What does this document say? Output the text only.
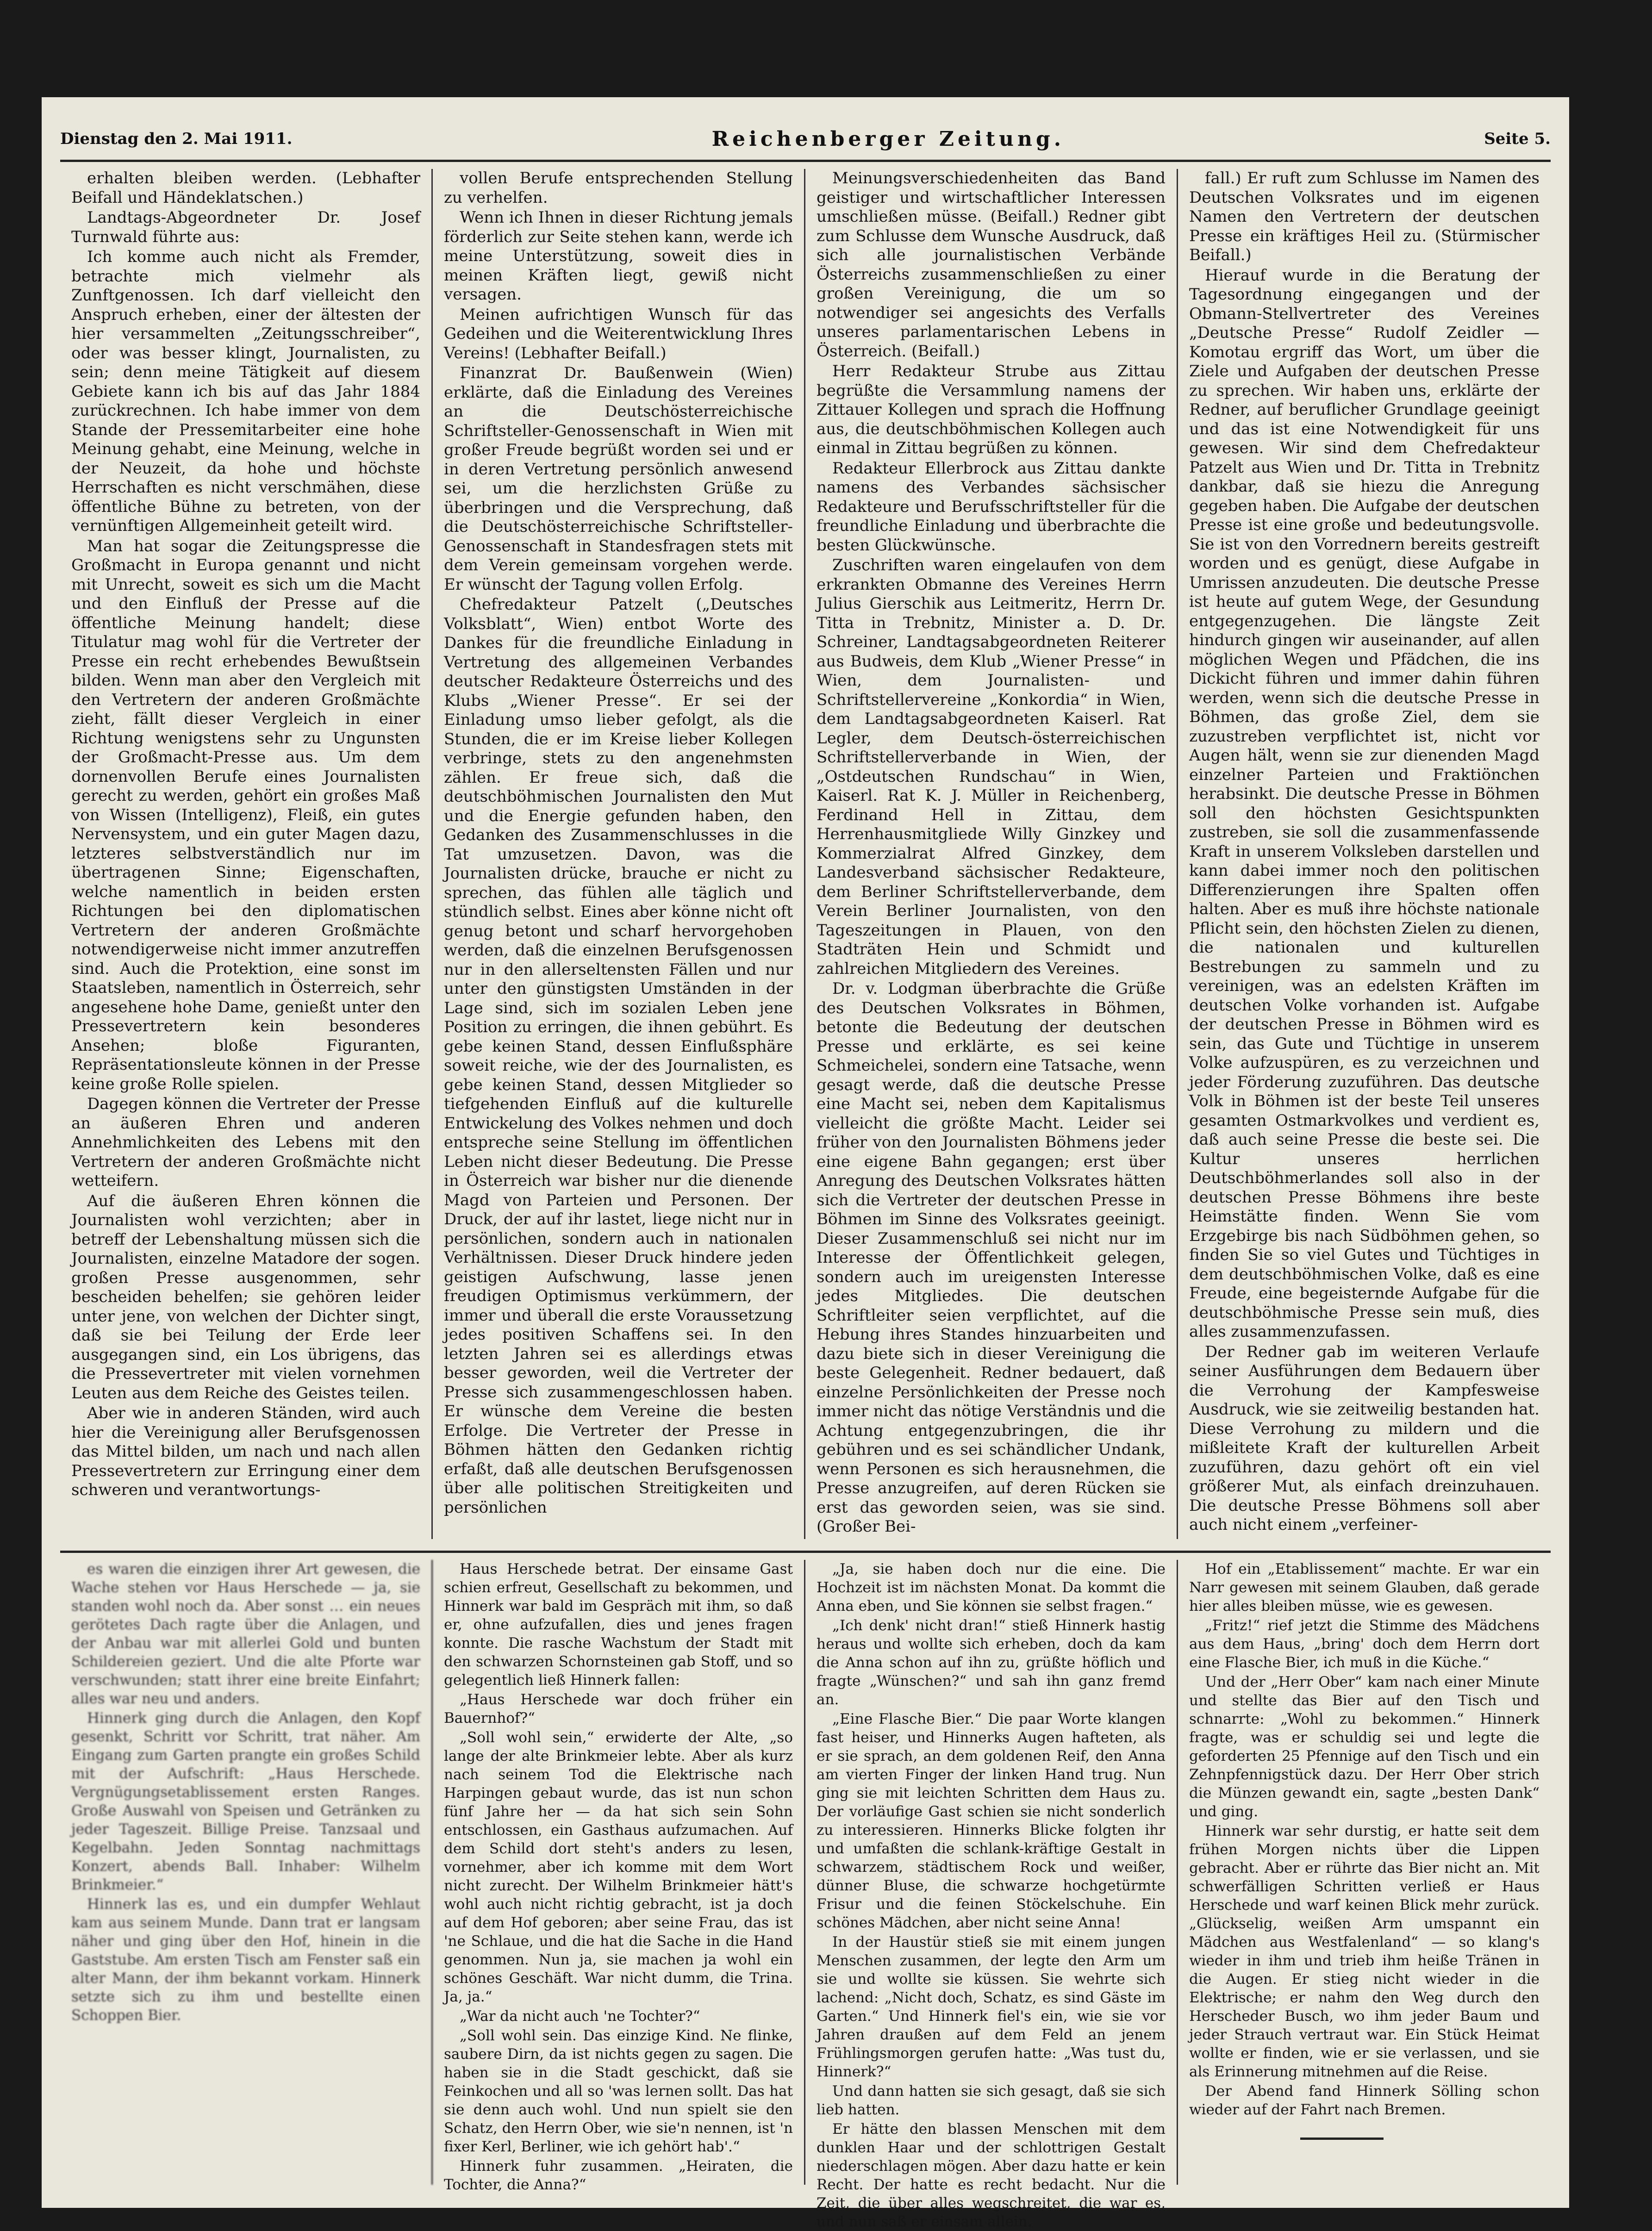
Dienstag den 2. Mai 1911.	Reichenberger Zeitung.	Seite 5.

erhalten bleiben werden. (Lebhafter Beifall und Händeklatschen.)

Landtags-Abgeordneter Dr. Josef Turnwald führte aus:

Ich komme auch nicht als Fremder, betrachte mich vielmehr als Zunftgenossen. Ich darf vielleicht den Anspruch erheben, einer der ältesten der hier versammelten „Zeitungsschreiber“, oder was besser klingt, Journalisten, zu sein; denn meine Tätigkeit auf diesem Gebiete kann ich bis auf das Jahr 1884 zurückrechnen. Ich habe immer von dem Stande der Pressemitarbeiter eine hohe Meinung gehabt, eine Meinung, welche in der Neuzeit, da hohe und höchste Herrschaften es nicht verschmähen, diese öffentliche Bühne zu betreten, von der vernünftigen Allgemeinheit geteilt wird.

Man hat sogar die Zeitungspresse die Großmacht in Europa genannt und nicht mit Unrecht, soweit es sich um die Macht und den Einfluß der Presse auf die öffentliche Meinung handelt; diese Titulatur mag wohl für die Vertreter der Presse ein recht erhebendes Bewußtsein bilden. Wenn man aber den Vergleich mit den Vertretern der anderen Großmächte zieht, fällt dieser Vergleich in einer Richtung wenigstens sehr zu Ungunsten der Großmacht-Presse aus. Um dem dornenvollen Berufe eines Journalisten gerecht zu werden, gehört ein großes Maß von Wissen (Intelligenz), Fleiß, ein gutes Nervensystem, und ein guter Magen dazu, letzteres selbstverständlich nur im übertragenen Sinne; Eigenschaften, welche namentlich in beiden ersten Richtungen bei den diplomatischen Vertretern der anderen Großmächte notwendigerweise nicht immer anzutreffen sind. Auch die Protektion, eine sonst im Staatsleben, namentlich in Österreich, sehr angesehene hohe Dame, genießt unter den Pressevertretern kein besonderes Ansehen; bloße Figuranten, Repräsentationsleute können in der Presse keine große Rolle spielen.

Dagegen können die Vertreter der Presse an äußeren Ehren und anderen Annehmlichkeiten des Lebens mit den Vertretern der anderen Großmächte nicht wetteifern.

Auf die äußeren Ehren können die Journalisten wohl verzichten; aber in betreff der Lebenshaltung müssen sich die Journalisten, einzelne Matadore der sogen. großen Presse ausgenommen, sehr bescheiden behelfen; sie gehören leider unter jene, von welchen der Dichter singt, daß sie bei Teilung der Erde leer ausgegangen sind, ein Los übrigens, das die Pressevertreter mit vielen vornehmen Leuten aus dem Reiche des Geistes teilen.

Aber wie in anderen Ständen, wird auch hier die Vereinigung aller Berufsgenossen das Mittel bilden, um nach und nach allen Pressevertretern zur Erringung einer dem schweren und verantwortungs-

vollen Berufe entsprechenden Stellung zu verhelfen.

Wenn ich Ihnen in dieser Richtung jemals förderlich zur Seite stehen kann, werde ich meine Unterstützung, soweit dies in meinen Kräften liegt, gewiß nicht versagen.

Meinen aufrichtigen Wunsch für das Gedeihen und die Weiterentwicklung Ihres Vereins! (Lebhafter Beifall.)

Finanzrat Dr. Baußenwein (Wien) erklärte, daß die Einladung des Vereines an die Deutschösterreichische Schriftsteller-Genossenschaft in Wien mit großer Freude begrüßt worden sei und er in deren Vertretung persönlich anwesend sei, um die herzlichsten Grüße zu überbringen und die Versprechung, daß die Deutschösterreichische Schriftsteller-Genossenschaft in Standesfragen stets mit dem Verein gemeinsam vorgehen werde. Er wünscht der Tagung vollen Erfolg.

Chefredakteur Patzelt („Deutsches Volksblatt“, Wien) entbot Worte des Dankes für die freundliche Einladung in Vertretung des allgemeinen Verbandes deutscher Redakteure Österreichs und des Klubs „Wiener Presse“. Er sei der Einladung umso lieber gefolgt, als die Stunden, die er im Kreise lieber Kollegen verbringe, stets zu den angenehmsten zählen. Er freue sich, daß die deutschböhmischen Journalisten den Mut und die Energie gefunden haben, den Gedanken des Zusammenschlusses in die Tat umzusetzen. Davon, was die Journalisten drücke, brauche er nicht zu sprechen, das fühlen alle täglich und stündlich selbst. Eines aber könne nicht oft genug betont und scharf hervorgehoben werden, daß die einzelnen Berufsgenossen nur in den allerseltensten Fällen und nur unter den günstigsten Umständen in der Lage sind, sich im sozialen Leben jene Position zu erringen, die ihnen gebührt. Es gebe keinen Stand, dessen Einflußsphäre soweit reiche, wie der des Journalisten, es gebe keinen Stand, dessen Mitglieder so tiefgehenden Einfluß auf die kulturelle Entwickelung des Volkes nehmen und doch entspreche seine Stellung im öffentlichen Leben nicht dieser Bedeutung. Die Presse in Österreich war bisher nur die dienende Magd von Parteien und Personen. Der Druck, der auf ihr lastet, liege nicht nur in persönlichen, sondern auch in nationalen Verhältnissen. Dieser Druck hindere jeden geistigen Aufschwung, lasse jenen freudigen Optimismus verkümmern, der immer und überall die erste Voraussetzung jedes positiven Schaffens sei. In den letzten Jahren sei es allerdings etwas besser geworden, weil die Vertreter der Presse sich zusammengeschlossen haben. Er wünsche dem Vereine die besten Erfolge. Die Vertreter der Presse in Böhmen hätten den Gedanken richtig erfaßt, daß alle deutschen Berufsgenossen über alle politischen Streitigkeiten und persönlichen

Meinungsverschiedenheiten das Band geistiger und wirtschaftlicher Interessen umschließen müsse. (Beifall.) Redner gibt zum Schlusse dem Wunsche Ausdruck, daß sich alle journalistischen Verbände Österreichs zusammenschließen zu einer großen Vereinigung, die um so notwendiger sei angesichts des Verfalls unseres parlamentarischen Lebens in Österreich. (Beifall.)

Herr Redakteur Strube aus Zittau begrüßte die Versammlung namens der Zittauer Kollegen und sprach die Hoffnung aus, die deutschböhmischen Kollegen auch einmal in Zittau begrüßen zu können.

Redakteur Ellerbrock aus Zittau dankte namens des Verbandes sächsischer Redakteure und Berufsschriftsteller für die freundliche Einladung und überbrachte die besten Glückwünsche.

Zuschriften waren eingelaufen von dem erkrankten Obmanne des Vereines Herrn Julius Gierschik aus Leitmeritz, Herrn Dr. Titta in Trebnitz, Minister a. D. Dr. Schreiner, Landtagsabgeordneten Reiterer aus Budweis, dem Klub „Wiener Presse“ in Wien, dem Journalisten- und Schriftstellervereine „Konkordia“ in Wien, dem Landtagsabgeordneten Kaiserl. Rat Legler, dem Deutsch-österreichischen Schriftstellerverbande in Wien, der „Ostdeutschen Rundschau“ in Wien, Kaiserl. Rat K. J. Müller in Reichenberg, Ferdinand Hell in Zittau, dem Herrenhausmitgliede Willy Ginzkey und Kommerzialrat Alfred Ginzkey, dem Landesverband sächsischer Redakteure, dem Berliner Schriftstellerverbande, dem Verein Berliner Journalisten, von den Tageszeitungen in Plauen, von den Stadträten Hein und Schmidt und zahlreichen Mitgliedern des Vereines.

Dr. v. Lodgman überbrachte die Grüße des Deutschen Volksrates in Böhmen, betonte die Bedeutung der deutschen Presse und erklärte, es sei keine Schmeichelei, sondern eine Tatsache, wenn gesagt werde, daß die deutsche Presse eine Macht sei, neben dem Kapitalismus vielleicht die größte Macht. Leider sei früher von den Journalisten Böhmens jeder eine eigene Bahn gegangen; erst über Anregung des Deutschen Volksrates hätten sich die Vertreter der deutschen Presse in Böhmen im Sinne des Volksrates geeinigt. Dieser Zusammenschluß sei nicht nur im Interesse der Öffentlichkeit gelegen, sondern auch im ureigensten Interesse jedes Mitgliedes. Die deutschen Schriftleiter seien verpflichtet, auf die Hebung ihres Standes hinzuarbeiten und dazu biete sich in dieser Vereinigung die beste Gelegenheit. Redner bedauert, daß einzelne Persönlichkeiten der Presse noch immer nicht das nötige Verständnis und die Achtung entgegenzubringen, die ihr gebühren und es sei schändlicher Undank, wenn Personen es sich herausnehmen, die Presse anzugreifen, auf deren Rücken sie erst das geworden seien, was sie sind. (Großer Bei-

fall.) Er ruft zum Schlusse im Namen des Deutschen Volksrates und im eigenen Namen den Vertretern der deutschen Presse ein kräftiges Heil zu. (Stürmischer Beifall.)

Hierauf wurde in die Beratung der Tagesordnung eingegangen und der Obmann-Stellvertreter des Vereines „Deutsche Presse“ Rudolf Zeidler — Komotau ergriff das Wort, um über die Ziele und Aufgaben der deutschen Presse zu sprechen. Wir haben uns, erklärte der Redner, auf beruflicher Grundlage geeinigt und das ist eine Notwendigkeit für uns gewesen. Wir sind dem Chefredakteur Patzelt aus Wien und Dr. Titta in Trebnitz dankbar, daß sie hiezu die Anregung gegeben haben. Die Aufgabe der deutschen Presse ist eine große und bedeutungsvolle. Sie ist von den Vorrednern bereits gestreift worden und es genügt, diese Aufgabe in Umrissen anzudeuten. Die deutsche Presse ist heute auf gutem Wege, der Gesundung entgegenzugehen. Die längste Zeit hindurch gingen wir auseinander, auf allen möglichen Wegen und Pfädchen, die ins Dickicht führen und immer dahin führen werden, wenn sich die deutsche Presse in Böhmen, das große Ziel, dem sie zuzustreben verpflichtet ist, nicht vor Augen hält, wenn sie zur dienenden Magd einzelner Parteien und Fraktiönchen herabsinkt. Die deutsche Presse in Böhmen soll den höchsten Gesichtspunkten zustreben, sie soll die zusammenfassende Kraft in unserem Volksleben darstellen und kann dabei immer noch den politischen Differenzierungen ihre Spalten offen halten. Aber es muß ihre höchste nationale Pflicht sein, den höchsten Zielen zu dienen, die nationalen und kulturellen Bestrebungen zu sammeln und zu vereinigen, was an edelsten Kräften im deutschen Volke vorhanden ist. Aufgabe der deutschen Presse in Böhmen wird es sein, das Gute und Tüchtige in unserem Volke aufzuspüren, es zu verzeichnen und jeder Förderung zuzuführen. Das deutsche Volk in Böhmen ist der beste Teil unseres gesamten Ostmarkvolkes und verdient es, daß auch seine Presse die beste sei. Die Kultur unseres herrlichen Deutschböhmerlandes soll also in der deutschen Presse Böhmens ihre beste Heimstätte finden. Wenn Sie vom Erzgebirge bis nach Südböhmen gehen, so finden Sie so viel Gutes und Tüchtiges in dem deutschböhmischen Volke, daß es eine Freude, eine begeisternde Aufgabe für die deutschböhmische Presse sein muß, dies alles zusammenzufassen.

Der Redner gab im weiteren Verlaufe seiner Ausführungen dem Bedauern über die Verrohung der Kampfesweise Ausdruck, wie sie zeitweilig bestanden hat. Diese Verrohung zu mildern und die mißleitete Kraft der kulturellen Arbeit zuzuführen, dazu gehört oft ein viel größerer Mut, als einfach dreinzuhauen. Die deutsche Presse Böhmens soll aber auch nicht einem „verfeiner-

es waren die einzigen ihrer Art gewesen, die Wache stehen vor Haus Herschede — ja, sie standen wohl noch da. Aber sonst … ein neues gerötetes Dach ragte über die Anlagen, und der Anbau war mit allerlei Gold und bunten Schildereien geziert. Und die alte Pforte war verschwunden; statt ihrer eine breite Einfahrt; alles war neu und anders.

Hinnerk ging durch die Anlagen, den Kopf gesenkt, Schritt vor Schritt, trat näher. Am Eingang zum Garten prangte ein großes Schild mit der Aufschrift: „Haus Herschede. Vergnügungsetablissement ersten Ranges. Große Auswahl von Speisen und Getränken zu jeder Tageszeit. Billige Preise. Tanzsaal und Kegelbahn. Jeden Sonntag nachmittags Konzert, abends Ball. Inhaber: Wilhelm Brinkmeier.“

Hinnerk las es, und ein dumpfer Wehlaut kam aus seinem Munde. Dann trat er langsam näher und ging über den Hof, hinein in die Gaststube. Am ersten Tisch am Fenster saß ein alter Mann, der ihm bekannt vorkam. Hinnerk setzte sich zu ihm und bestellte einen Schoppen Bier.

Haus Herschede betrat. Der einsame Gast schien erfreut, Gesellschaft zu bekommen, und Hinnerk war bald im Gespräch mit ihm, so daß er, ohne aufzufallen, dies und jenes fragen konnte. Die rasche Wachstum der Stadt mit den schwarzen Schornsteinen gab Stoff, und so gelegentlich ließ Hinnerk fallen:

„Haus Herschede war doch früher ein Bauernhof?“

„Soll wohl sein,“ erwiderte der Alte, „so lange der alte Brinkmeier lebte. Aber als kurz nach seinem Tod die Elektrische nach Harpingen gebaut wurde, das ist nun schon fünf Jahre her — da hat sich sein Sohn entschlossen, ein Gasthaus aufzumachen. Auf dem Schild dort steht's anders zu lesen, vornehmer, aber ich komme mit dem Wort nicht zurecht. Der Wilhelm Brinkmeier hätt's wohl auch nicht richtig gebracht, ist ja doch auf dem Hof geboren; aber seine Frau, das ist 'ne Schlaue, und die hat die Sache in die Hand genommen. Nun ja, sie machen ja wohl ein schönes Geschäft. War nicht dumm, die Trina. Ja, ja.“

„War da nicht auch 'ne Tochter?“

„Soll wohl sein. Das einzige Kind. Ne flinke, saubere Dirn, da ist nichts gegen zu sagen. Die haben sie in die Stadt geschickt, daß sie Feinkochen und all so 'was lernen sollt. Das hat sie denn auch wohl. Und nun spielt sie den Schatz, den Herrn Ober, wie sie'n nennen, ist 'n fixer Kerl, Berliner, wie ich gehört hab'.“

Hinnerk fuhr zusammen. „Heiraten, die Tochter, die Anna?“

„Ja, sie haben doch nur die eine. Die Hochzeit ist im nächsten Monat. Da kommt die Anna eben, und Sie können sie selbst fragen.“

„Ich denk' nicht dran!“ stieß Hinnerk hastig heraus und wollte sich erheben, doch da kam die Anna schon auf ihn zu, grüßte höflich und fragte „Wünschen?“ und sah ihn ganz fremd an.

„Eine Flasche Bier.“ Die paar Worte klangen fast heiser, und Hinnerks Augen hafteten, als er sie sprach, an dem goldenen Reif, den Anna am vierten Finger der linken Hand trug. Nun ging sie mit leichten Schritten dem Haus zu. Der vorläufige Gast schien sie nicht sonderlich zu interessieren. Hinnerks Blicke folgten ihr und umfaßten die schlank-kräftige Gestalt in schwarzem, städtischem Rock und weißer, dünner Bluse, die schwarze hochgetürmte Frisur und die feinen Stöckelschuhe. Ein schönes Mädchen, aber nicht seine Anna!

In der Haustür stieß sie mit einem jungen Menschen zusammen, der legte den Arm um sie und wollte sie küssen. Sie wehrte sich lachend: „Nicht doch, Schatz, es sind Gäste im Garten.“ Und Hinnerk fiel's ein, wie sie vor Jahren draußen auf dem Feld an jenem Frühlingsmorgen gerufen hatte: „Was tust du, Hinnerk?“

Und dann hatten sie sich gesagt, daß sie sich lieb hatten.

Er hätte den blassen Menschen mit dem dunklen Haar und der schlottrigen Gestalt niederschlagen mögen. Aber dazu hatte er kein Recht. Der hatte es recht bedacht. Nur die Zeit, die über alles wegschreitet, die war es, und nun saß er einsam allein.

Hof ein „Etablissement“ machte. Er war ein Narr gewesen mit seinem Glauben, daß gerade hier alles bleiben müsse, wie es gewesen.

„Fritz!“ rief jetzt die Stimme des Mädchens aus dem Haus, „bring' doch dem Herrn dort eine Flasche Bier, ich muß in die Küche.“

Und der „Herr Ober“ kam nach einer Minute und stellte das Bier auf den Tisch und schnarrte: „Wohl zu bekommen.“ Hinnerk fragte, was er schuldig sei und legte die geforderten 25 Pfennige auf den Tisch und ein Zehnpfennigstück dazu. Der Herr Ober strich die Münzen gewandt ein, sagte „besten Dank“ und ging.

Hinnerk war sehr durstig, er hatte seit dem frühen Morgen nichts über die Lippen gebracht. Aber er rührte das Bier nicht an. Mit schwerfälligen Schritten verließ er Haus Herschede und warf keinen Blick mehr zurück. „Glückselig, weißen Arm umspannt ein Mädchen aus Westfalenland“ — so klang's wieder in ihm und trieb ihm heiße Tränen in die Augen. Er stieg nicht wieder in die Elektrische; er nahm den Weg durch den Herscheder Busch, wo ihm jeder Baum und jeder Strauch vertraut war. Ein Stück Heimat wollte er finden, wie er sie verlassen, und sie als Erinnerung mitnehmen auf die Reise.

Der Abend fand Hinnerk Sölling schon wieder auf der Fahrt nach Bremen.
